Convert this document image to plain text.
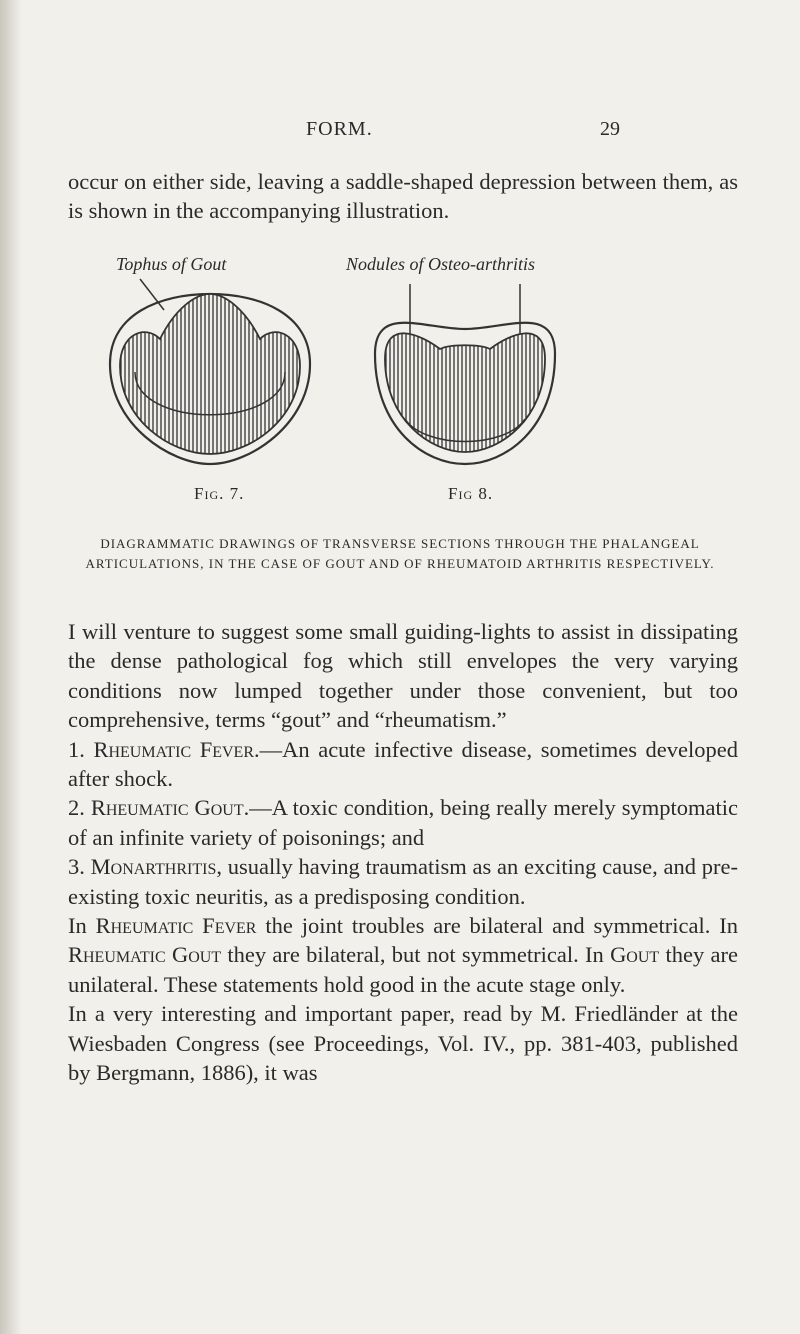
FORM.	29
occur on either side, leaving a saddle-shaped depression between them, as is shown in the accompanying illustration.
Tophus of Gout	Nodules of Osteo-arthritis
Fig. 7.	Fig 8.
DIAGRAMMATIC DRAWINGS OF TRANSVERSE SECTIONS THROUGH THE PHALANGEAL ARTICULATIONS, IN THE CASE OF GOUT AND OF RHEUMATOID ARTHRITIS RESPECTIVELY.

I will venture to suggest some small guiding-lights to assist in dissipating the dense pathological fog which still envelopes the very varying conditions now lumped together under those convenient, but too comprehensive, terms “gout” and “rheumatism.”

1. Rheumatic Fever.—An acute infective disease, sometimes developed after shock.

2. Rheumatic Gout.—A toxic condition, being really merely symptomatic of an infinite variety of poisonings; and

3. Monarthritis, usually having traumatism as an exciting cause, and pre-existing toxic neuritis, as a predisposing condition.

In Rheumatic Fever the joint troubles are bilateral and symmetrical. In Rheumatic Gout they are bilateral, but not symmetrical. In Gout they are unilateral. These statements hold good in the acute stage only.

In a very interesting and important paper, read by M. Friedländer at the Wiesbaden Congress (see Proceedings, Vol. IV., pp. 381-403, published by Bergmann, 1886), it was
